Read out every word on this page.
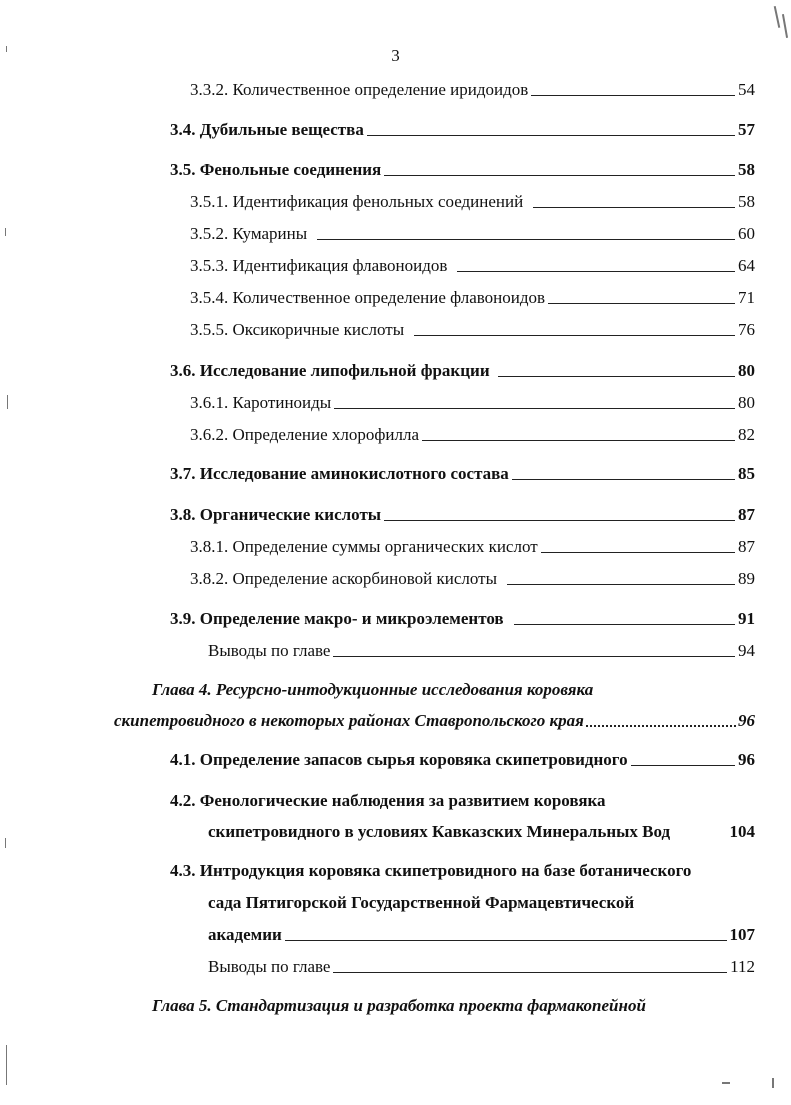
3
3.3.2. Количественное определение иридоидов	54
3.4. Дубильные вещества	57
3.5. Фенольные соединения	58
3.5.1. Идентификация фенольных соединений	58
3.5.2. Кумарины	60
3.5.3. Идентификация флавоноидов	64
3.5.4. Количественное определение флавоноидов	71
3.5.5. Оксикоричные кислоты	76
3.6. Исследование липофильной фракции	80
3.6.1. Каротиноиды	80
3.6.2. Определение хлорофилла	82
3.7. Исследование аминокислотного состава	85
3.8. Органические кислоты	87
3.8.1. Определение суммы органических кислот	87
3.8.2. Определение аскорбиновой кислоты	89
3.9. Определение макро- и микроэлементов	91
Выводы по главе	94
Глава 4. Ресурсно-интодукционные исследования коровяка
скипетровидного в некоторых районах Ставропольского края	96
4.1. Определение запасов сырья коровяка скипетровидного	96
4.2. Фенологические наблюдения за развитием коровяка
скипетровидного в условиях Кавказских Минеральных Вод	104
4.3. Интродукция коровяка скипетровидного на базе ботанического
сада Пятигорской Государственной Фармацевтической
академии	107
Выводы по главе	112
Глава 5. Стандартизация и разработка проекта фармакопейной
